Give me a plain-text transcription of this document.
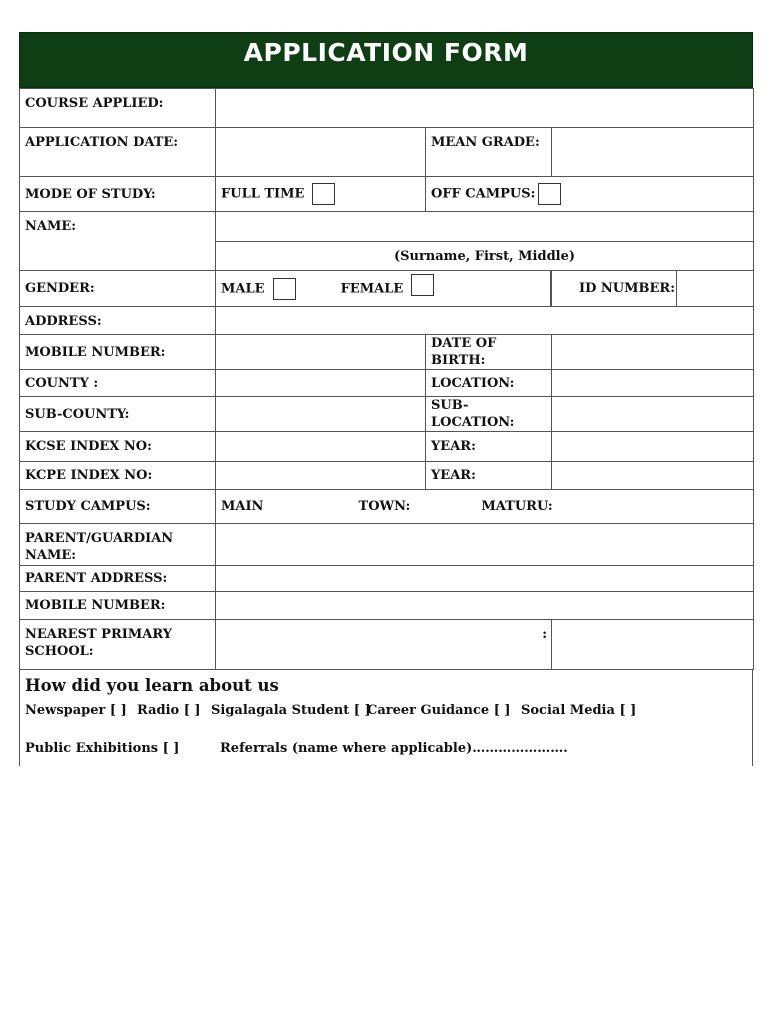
APPLICATION FORM
COURSE APPLIED:			
APPLICATION DATE:		MEAN GRADE:	
MODE OF STUDY:	FULL TIME	OFF CAMPUS:	
NAME:			
	(Surname, First, Middle)		
GENDER:	MALE FEMALE		ID NUMBER:

ADDRESS:			
MOBILE NUMBER:		DATE OF BIRTH:	
COUNTY :		LOCATION:	
SUB-COUNTY:		SUB-LOCATION:	
KCSE INDEX NO:		YEAR:	
KCPE INDEX NO:		YEAR:	
STUDY CAMPUS:	MAIN TOWN: MATURU:		
PARENT/GUARDIAN
NAME:			
PARENT ADDRESS:			
MOBILE NUMBER:			
NEAREST PRIMARY
SCHOOL:	:		
How did you learn about us
Newspaper [ ] Radio [ ] Sigalagala Student [ ]
Career Guidance [ ] Social Media [ ]
Public Exhibitions [ ]	Referrals (name where applicable)………………….
